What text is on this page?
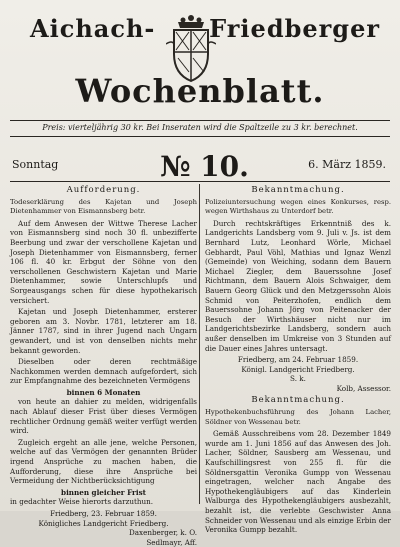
Aichach- Friedberger
Wochenblatt.
Preis: vierteljährig 30 kr. Bei Inseraten wird die Spaltzeile zu 3 kr. berechnet.
Sonntag	№ 10.	6. März 1859.
Aufforderung.

Todeserklärung des Kajetan und Joseph Dietenhammer von Eismannsberg betr.

Auf dem Anwesen der Wittwe Therese Lacher von Eismannsberg sind noch 30 fl. unbezifferte Beerbung und zwar der verschollene Kajetan und Joseph Dietenhammer von Eismannsberg, ferner 106 fl. 40 kr. Erbgut der Söhne von den verschollenen Geschwistern Kajetan und Marie Dietenhammer, sowie Unterschlupfs und Sorgeausgangs schen für diese hypothekarisch versichert.

Kajetan und Joseph Dietenhammer, ersterer geboren am 3. Novbr. 1781, letzterer am 18. Jänner 1787, sind in ihrer Jugend nach Ungarn gewandert, und ist von denselben nichts mehr bekannt geworden.

Dieselben oder deren rechtmäßige Nachkommen werden demnach aufgefordert, sich zur Empfangnahme des bezeichneten Vermögens

binnen 6 Monaten

von heute an dahier zu melden, widrigenfalls nach Ablauf dieser Frist über dieses Vermögen rechtlicher Ordnung gemäß weiter verfügt werden wird.

Zugleich ergeht an alle jene, welche Personen, welche auf das Vermögen der genannten Brüder irgend Ansprüche zu machen haben, die Aufforderung, diese ihre Ansprüche bei Vermeidung der Nichtberücksichtigung

binnen gleicher Frist

in gedachter Weise hierorts darzuthun.

Friedberg, 23. Februar 1859.
Königliches Landgericht Friedberg.
Daxenberger, k. O.
Sedlmayr, Aff.
Bekanntmachung.

Polizeiuntersuchung wegen eines Konkurses, resp. wegen Wirthshaus zu Unterdorf betr.

Durch rechtskräftiges Erkenntniß des k. Landgerichts Landsberg vom 9. Juli v. Js. ist dem Bernhard Lutz, Leonhard Wörle, Michael Gebhardt, Paul Vöhl, Mathias und Ignaz Wenzl (Gemeinde) von Weiching, sodann dem Bauern Michael Ziegler, dem Bauerssohne Josef Richtmann, dem Bauern Alois Schwaiger, dem Bauern Georg Glück und den Metzgerssohn Alois Schmid von Peiterzhofen, endlich dem Bauerssohne Johann Jörg von Peitenacker der Besuch der Wirthshäuser nicht nur im Landgerichtsbezirke Landsberg, sondern auch außer denselben im Umkreise von 3 Stunden auf die Dauer eines Jahres untersagt.

Friedberg, am 24. Februar 1859.
Königl. Landgericht Friedberg.
S. k.
Kolb, Assessor.
Bekanntmachung.

Hypothekenbuchsführung des Johann Lacher, Söldner von Wessenau betr.

Gemäß Ausschreibens vom 28. Dezember 1849 wurde am 1. Juni 1856 auf das Anwesen des Joh. Lacher, Söldner, Sausberg am Wessenau, und Kaufschillingsrest von 255 fl. für die Söldnersgattin Veronika Gumpp von Wessenau eingetragen, welcher nach Angabe des Hypothekengläubigers auf das Kinderlein Walburga des Hypothekengläubigers ausbezahlt, bezahlt ist, die verlebte Geschwister Anna Schneider von Wessenau und als einzige Erbin der Veronika Gumpp bezahlt.
